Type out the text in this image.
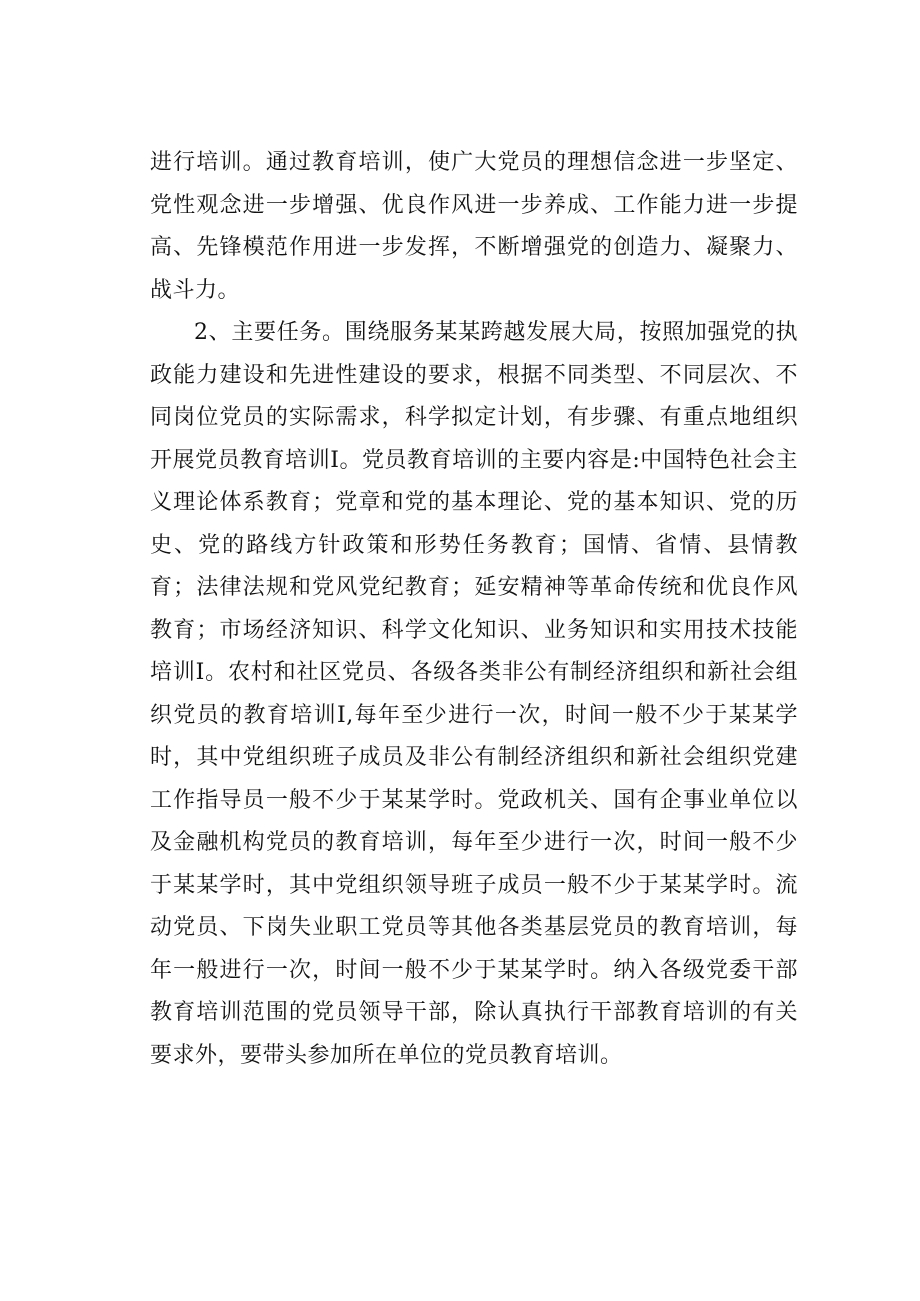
进行培训。通过教育培训，使广大党员的理想信念进一步坚定、党性观念进一步增强、优良作风进一步养成、工作能力进一步提高、先锋模范作用进一步发挥，不断增强党的创造力、凝聚力、战斗力。

2、主要任务。围绕服务某某跨越发展大局，按照加强党的执政能力建设和先进性建设的要求，根据不同类型、不同层次、不同岗位党员的实际需求，科学拟定计划，有步骤、有重点地组织开展党员教育培训I。党员教育培训的主要内容是:中国特色社会主义理论体系教育；党章和党的基本理论、党的基本知识、党的历史、党的路线方针政策和形势任务教育；国情、省情、县情教育；法律法规和党风党纪教育；延安精神等革命传统和优良作风教育；市场经济知识、科学文化知识、业务知识和实用技术技能培训I。农村和社区党员、各级各类非公有制经济组织和新社会组织党员的教育培训I,每年至少进行一次，时间一般不少于某某学时，其中党组织班子成员及非公有制经济组织和新社会组织党建工作指导员一般不少于某某学时。党政机关、国有企事业单位以及金融机构党员的教育培训，每年至少进行一次，时间一般不少于某某学时，其中党组织领导班子成员一般不少于某某学时。流动党员、下岗失业职工党员等其他各类基层党员的教育培训，每年一般进行一次，时间一般不少于某某学时。纳入各级党委干部教育培训范围的党员领导干部，除认真执行干部教育培训的有关要求外，要带头参加所在单位的党员教育培训。
